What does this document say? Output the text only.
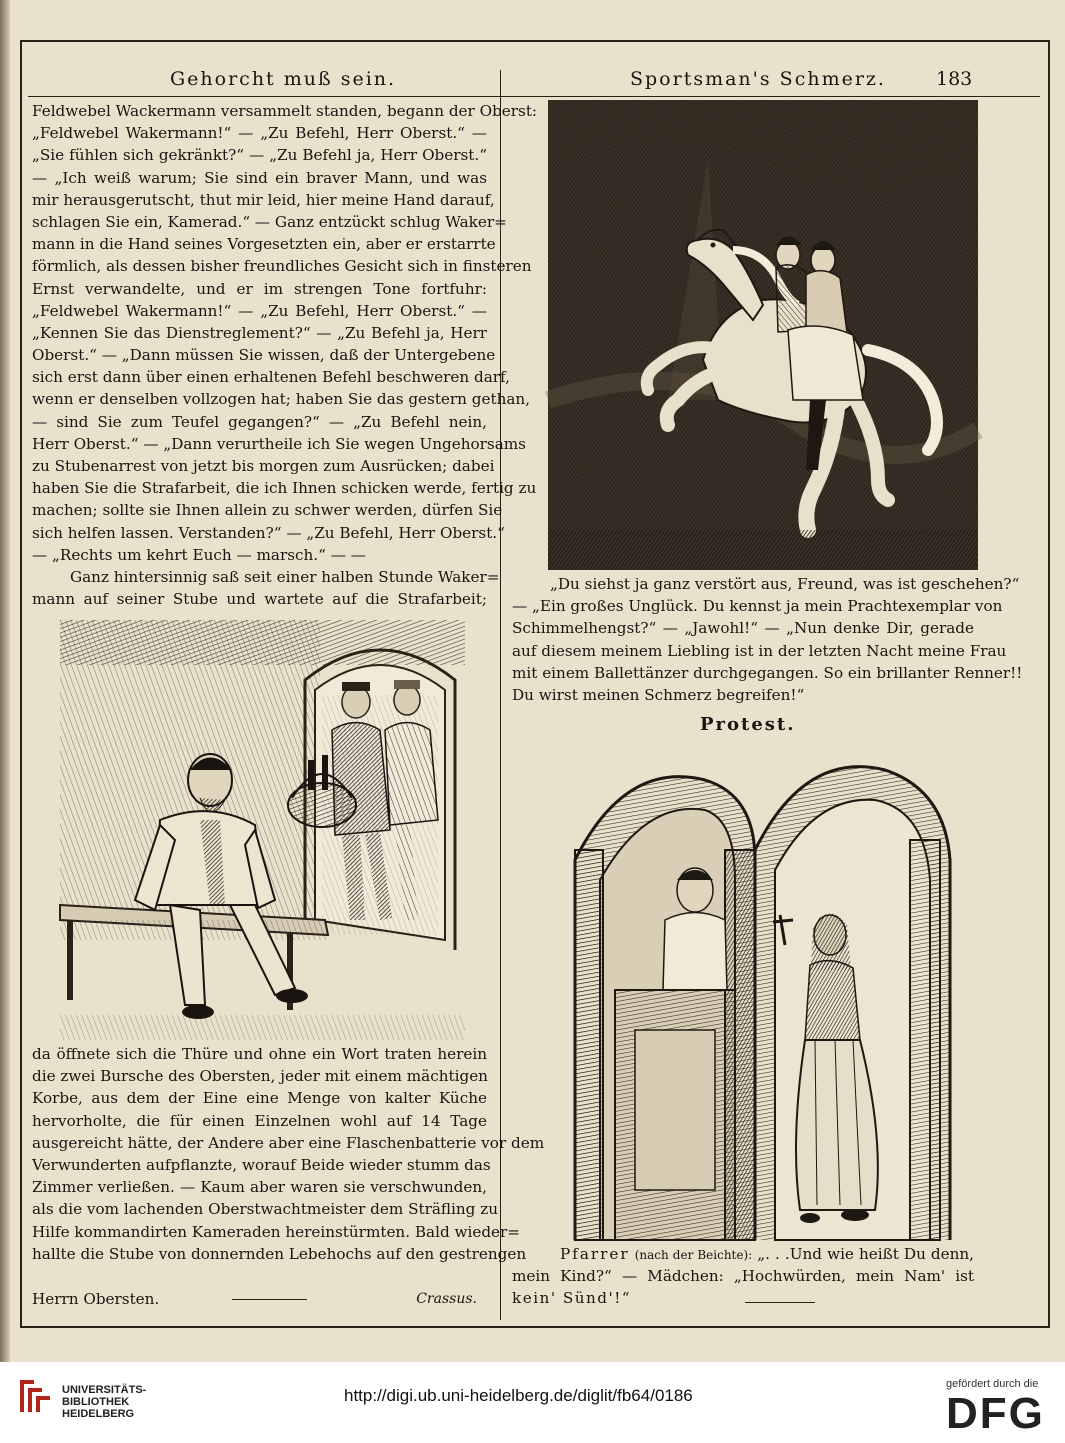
Gehorcht muß sein.	Sportsman's Schmerz.	183

Feldwebel Wackermann versammelt standen, begann der Oberst:

„Feldwebel Wakermann!“ — „Zu Befehl, Herr Oberst.“ —

„Sie fühlen sich gekränkt?“ — „Zu Befehl ja, Herr Oberst.“

— „Ich weiß warum; Sie sind ein braver Mann, und was

mir herausgerutscht, thut mir leid, hier meine Hand darauf,

schlagen Sie ein, Kamerad.“ — Ganz entzückt schlug Waker=

mann in die Hand seines Vorgesetzten ein, aber er erstarrte

förmlich, als dessen bisher freundliches Gesicht sich in finsteren

Ernst verwandelte, und er im strengen Tone fortfuhr:

„Feldwebel Wakermann!“ — „Zu Befehl, Herr Oberst.“ —

„Kennen Sie das Dienstreglement?“ — „Zu Befehl ja, Herr

Oberst.“ — „Dann müssen Sie wissen, daß der Untergebene

sich erst dann über einen erhaltenen Befehl beschweren darf,

wenn er denselben vollzogen hat; haben Sie das gestern gethan,

— sind Sie zum Teufel gegangen?“ — „Zu Befehl nein,

Herr Oberst.“ — „Dann verurtheile ich Sie wegen Ungehorsams

zu Stubenarrest von jetzt bis morgen zum Ausrücken; dabei

haben Sie die Strafarbeit, die ich Ihnen schicken werde, fertig zu

machen; sollte sie Ihnen allein zu schwer werden, dürfen Sie

sich helfen lassen. Verstanden?“ — „Zu Befehl, Herr Oberst.“

— „Rechts um kehrt Euch — marsch.“ — —

Ganz hintersinnig saß seit einer halben Stunde Waker=

mann auf seiner Stube und wartete auf die Strafarbeit;

da öffnete sich die Thüre und ohne ein Wort traten herein

die zwei Bursche des Obersten, jeder mit einem mächtigen

Korbe, aus dem der Eine eine Menge von kalter Küche

hervorholte, die für einen Einzelnen wohl auf 14 Tage

ausgereicht hätte, der Andere aber eine Flaschenbatterie vor dem

Verwunderten aufpflanzte, worauf Beide wieder stumm das

Zimmer verließen. — Kaum aber waren sie verschwunden,

als die vom lachenden Oberstwachtmeister dem Sträfling zu

Hilfe kommandirten Kameraden hereinstürmten. Bald wieder=

hallte die Stube von donnernden Lebehochs auf den gestrengen

Herrn Obersten.	Crassus.

„Du siehst ja ganz verstört aus, Freund, was ist geschehen?“

— „Ein großes Unglück. Du kennst ja mein Prachtexemplar von

Schimmelhengst?“ — „Jawohl!“ — „Nun denke Dir, gerade

auf diesem meinem Liebling ist in der letzten Nacht meine Frau

mit einem Ballettänzer durchgegangen. So ein brillanter Renner!!

Du wirst meinen Schmerz begreifen!“

Protest.

Pfarrer (nach der Beichte): „. . .Und wie heißt Du denn,

mein Kind?“ — Mädchen: „Hochwürden, mein Nam' ist

kein' Sünd'!“

UNIVERSITÄTS-
BIBLIOTHEK
HEIDELBERG
http://digi.ub.uni-heidelberg.de/diglit/fb64/0186
gefördert durch die
DFG
